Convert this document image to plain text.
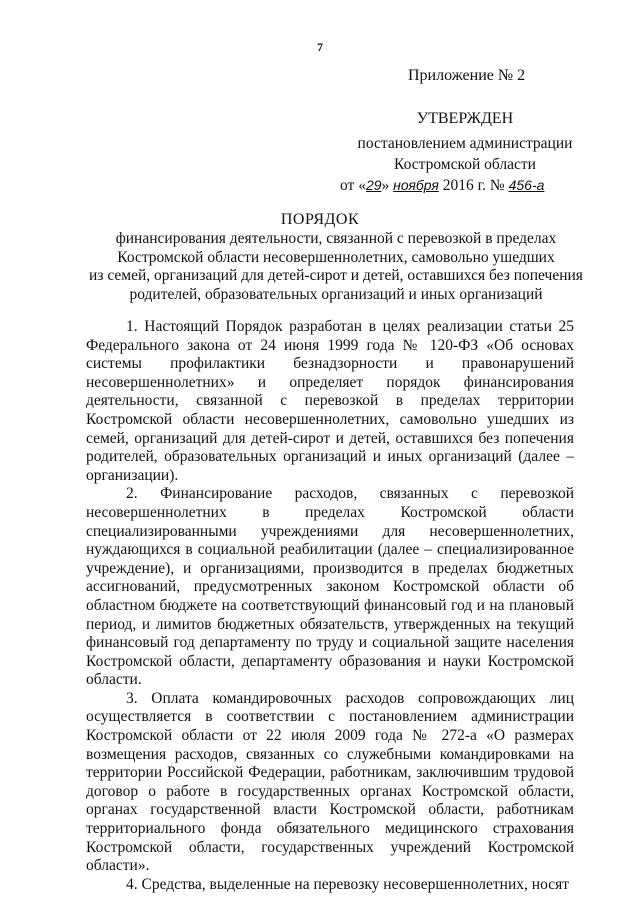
7
Приложение № 2
УТВЕРЖДЕН
постановлением администрации
Костромской области
от «29» ноября 2016 г. № 456-а
ПОРЯДОК
финансирования деятельности, связанной с перевозкой в пределах
Костромской области несовершеннолетних, самовольно ушедших
из семей, организаций для детей-сирот и детей, оставшихся без попечения
родителей, образовательных организаций и иных организаций

1. Настоящий Порядок разработан в целях реализации статьи 25 Федерального закона от 24 июня 1999 года № 120-ФЗ «Об основах системы профилактики безнадзорности и правонарушений несовершеннолетних» и определяет порядок финансирования деятельности, связанной с перевозкой в пределах территории Костромской области несовершеннолетних, самовольно ушедших из семей, организаций для детей-сирот и детей, оставшихся без попечения родителей, образовательных организаций и иных организаций (далее – организации).

2. Финансирование расходов, связанных с перевозкой несовершеннолетних в пределах Костромской области специализированными учреждениями для несовершеннолетних, нуждающихся в социальной реабилитации (далее – специализированное учреждение), и организациями, производится в пределах бюджетных ассигнований, предусмотренных законом Костромской области об областном бюджете на соответствующий финансовый год и на плановый период, и лимитов бюджетных обязательств, утвержденных на текущий финансовый год департаменту по труду и социальной защите населения Костромской области, департаменту образования и науки Костромской области.

3. Оплата командировочных расходов сопровождающих лиц осуществляется в соответствии с постановлением администрации Костромской области от 22 июля 2009 года № 272-а «О размерах возмещения расходов, связанных со служебными командировками на территории Российской Федерации, работникам, заключившим трудовой договор о работе в государственных органах Костромской области, органах государственной власти Костромской области, работникам территориального фонда обязательного медицинского страхования Костромской области, государственных учреждений Костромской области».

4. Средства, выделенные на перевозку несовершеннолетних, носят
